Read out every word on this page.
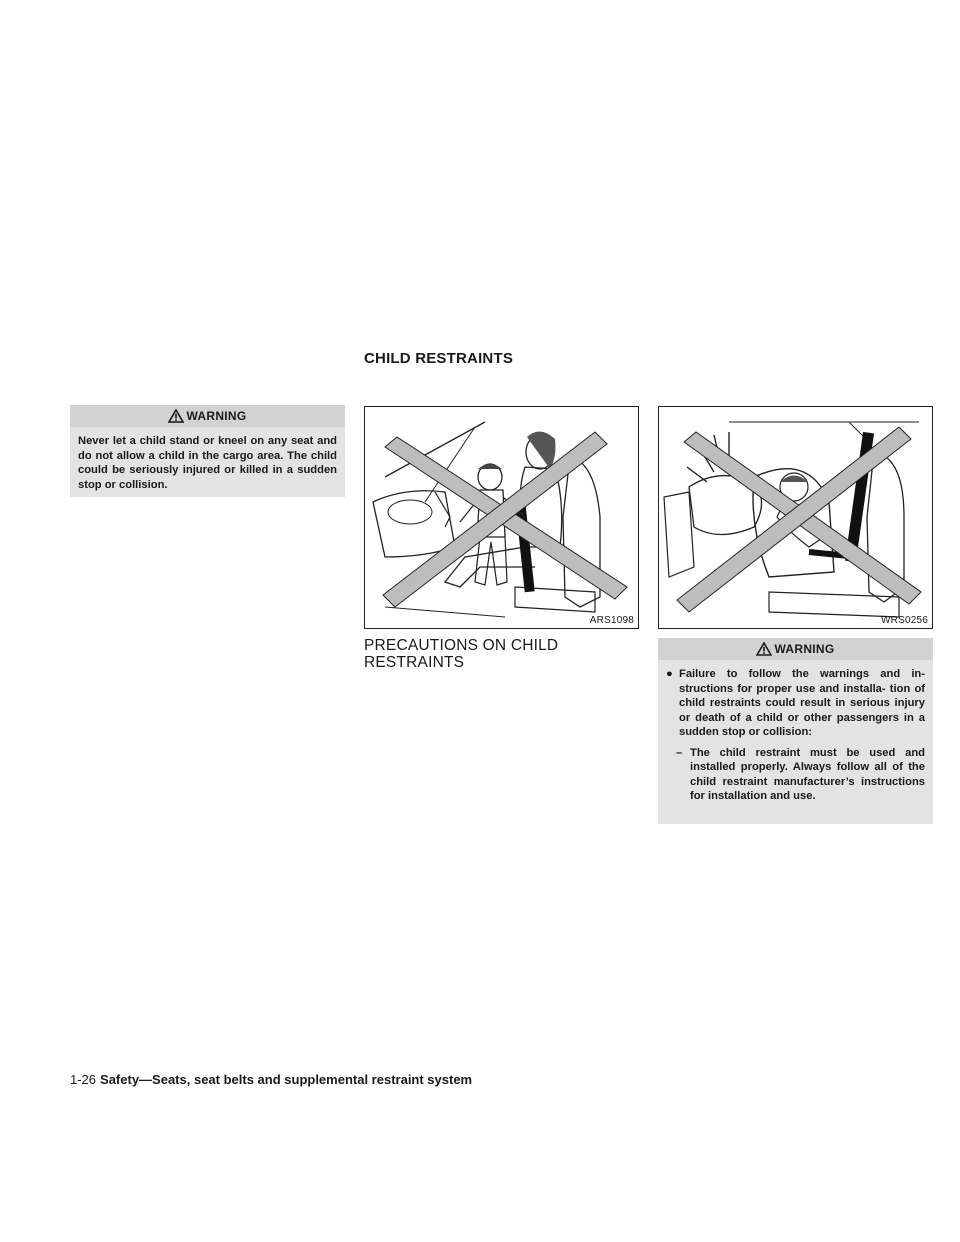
CHILD RESTRAINTS
WARNING
Never let a child stand or kneel on any seat and do not allow a child in the cargo area. The child could be seriously injured or killed in a sudden stop or collision.
ARS1098	WRS0256
PRECAUTIONS ON CHILD
RESTRAINTS
WARNING
● Failure to follow the warnings and in- structions for proper use and installa- tion of child restraints could result in serious injury or death of a child or other passengers in a sudden stop or collision:
– The child restraint must be used and installed properly. Always follow all of the child restraint manufacturer’s instructions for installation and use.
1-26 Safety—Seats, seat belts and supplemental restraint system
